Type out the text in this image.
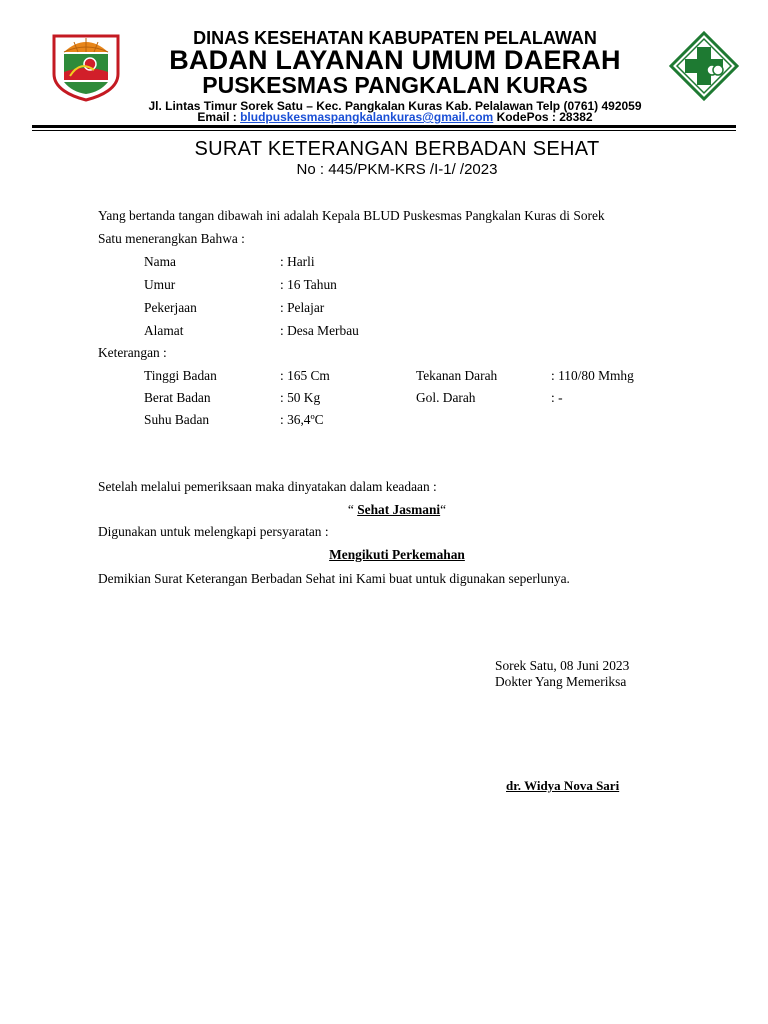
DINAS KESEHATAN KABUPATEN PELALAWAN
BADAN LAYANAN UMUM DAERAH
PUSKESMAS PANGKALAN KURAS
Jl. Lintas Timur Sorek Satu – Kec. Pangkalan Kuras Kab. Pelalawan Telp (0761) 492059
Email : bludpuskesmaspangkalankuras@gmail.com KodePos : 28382
SURAT KETERANGAN BERBADAN SEHAT
No : 445/PKM-KRS /I-1/ /2023
Yang bertanda tangan dibawah ini adalah Kepala BLUD Puskesmas Pangkalan Kuras di Sorek
Satu menerangkan Bahwa :
Nama	: Harli
Umur	: 16 Tahun
Pekerjaan	: Pelajar
Alamat	: Desa Merbau
Keterangan :
Tinggi Badan	: 165 Cm	Tekanan Darah	: 110/80 Mmhg
Berat Badan	: 50 Kg	Gol. Darah	: -
Suhu Badan	: 36,4ºC
Setelah melalui pemeriksaan maka dinyatakan dalam keadaan :
“ Sehat Jasmani“
Digunakan untuk melengkapi persyaratan :
Mengikuti Perkemahan
Demikian Surat Keterangan Berbadan Sehat ini Kami buat untuk digunakan seperlunya.
Sorek Satu, 08 Juni 2023
Dokter Yang Memeriksa
dr. Widya Nova Sari
